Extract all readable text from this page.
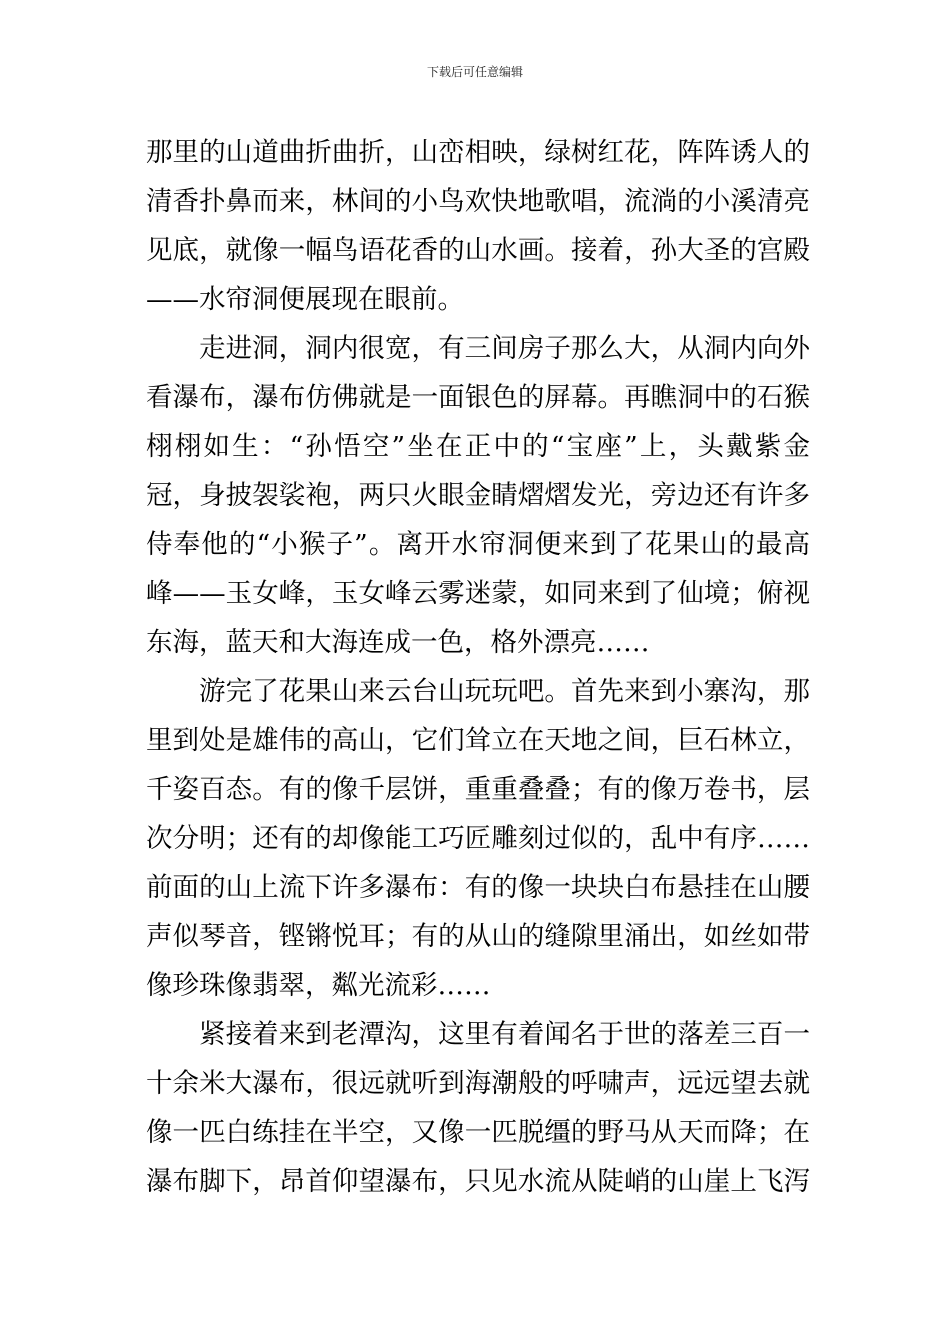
下载后可任意编辑
那里的山道曲折曲折，山峦相映，绿树红花，阵阵诱人的
清香扑鼻而来，林间的小鸟欢快地歌唱，流淌的小溪清亮
见底，就像一幅鸟语花香的山水画。接着，孙大圣的宫殿
——水帘洞便展现在眼前。
走进洞，洞内很宽，有三间房子那么大，从洞内向外
看瀑布，瀑布仿佛就是一面银色的屏幕。再瞧洞中的石猴
栩栩如生：“孙悟空”坐在正中的“宝座”上，头戴紫金
冠，身披袈裟袍，两只火眼金睛熠熠发光，旁边还有许多
侍奉他的“小猴子”。离开水帘洞便来到了花果山的最高
峰——玉女峰，玉女峰云雾迷蒙，如同来到了仙境；俯视
东海，蓝天和大海连成一色，格外漂亮……
游完了花果山来云台山玩玩吧。首先来到小寨沟，那
里到处是雄伟的高山，它们耸立在天地之间，巨石林立，
千姿百态。有的像千层饼，重重叠叠；有的像万卷书，层
次分明；还有的却像能工巧匠雕刻过似的，乱中有序……
前面的山上流下许多瀑布：有的像一块块白布悬挂在山腰
声似琴音，铿锵悦耳；有的从山的缝隙里涌出，如丝如带
像珍珠像翡翠，粼光流彩……
紧接着来到老潭沟，这里有着闻名于世的落差三百一
十余米大瀑布，很远就听到海潮般的呼啸声，远远望去就
像一匹白练挂在半空，又像一匹脱缰的野马从天而降；在
瀑布脚下，昂首仰望瀑布，只见水流从陡峭的山崖上飞泻
